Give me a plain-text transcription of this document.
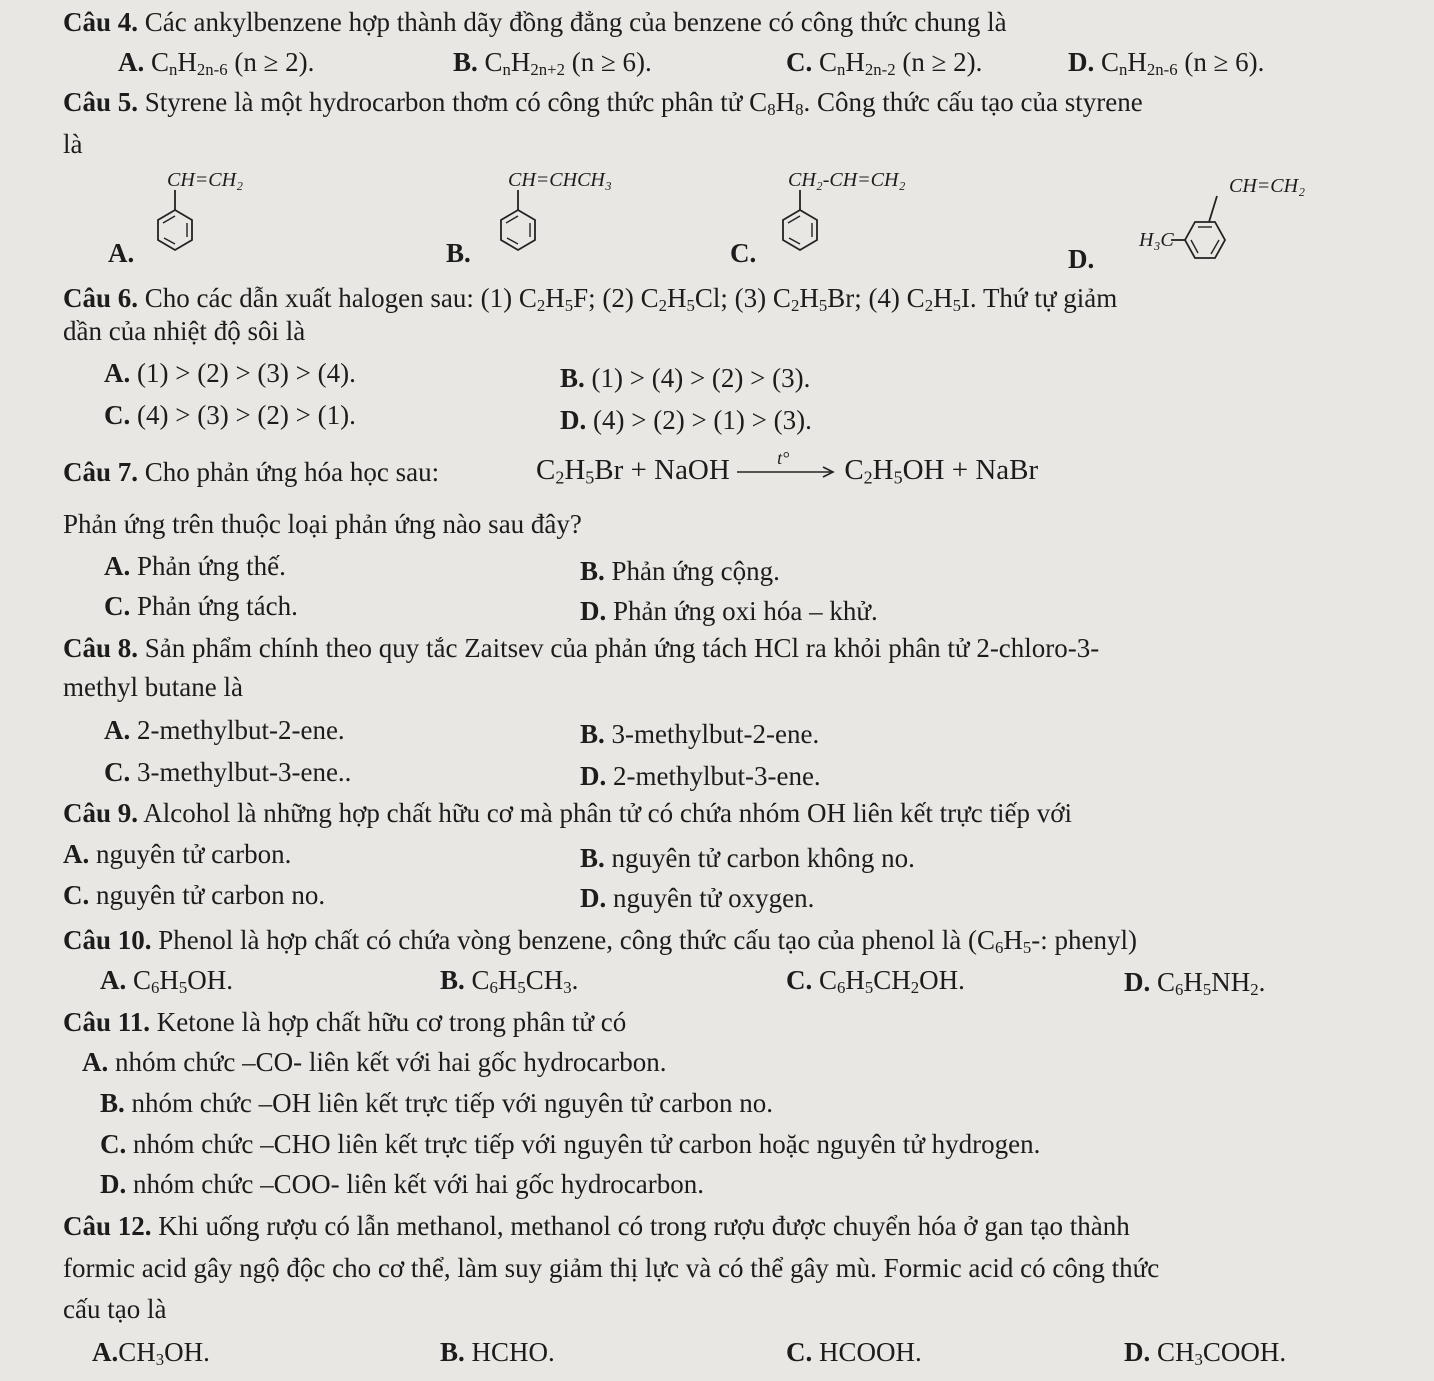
Câu 4. Các ankylbenzene hợp thành dãy đồng đẳng của benzene có công thức chung là
A. $C_nH_{2n-6}$ (n ≥ 2).	B. $C_nH_{2n+2}$ (n ≥ 6).	C. $C_nH_{2n-2}$ (n ≥ 2).	D. $C_nH_{2n-6}$ (n ≥ 6).
Câu 5. Styrene là một hydrocarbon thơm có công thức phân tử $C_8H_8$. Công thức cấu tạo của styrene
là
A.
CH=CH₂
B.
CH=CHCH₃
C.
CH₂-CH=CH₂
D.
CH=CH₂
H₃C
Câu 6. Cho các dẫn xuất halogen sau: (1) $C_2H_5F$; (2) $C_2H_5Cl$; (3) $C_2H_5Br$; (4) $C_2H_5I$. Thứ tự giảm
dần của nhiệt độ sôi là
A. (1) > (2) > (3) > (4).	B. (1) > (4) > (2) > (3).
C. (4) > (3) > (2) > (1).	D. (4) > (2) > (1) > (3).
Câu 7. Cho phản ứng hóa học sau:	$C_2H_5Br$ + NaOH	t° $C_2H_5OH$ + NaBr
Phản ứng trên thuộc loại phản ứng nào sau đây?
A. Phản ứng thế.	B. Phản ứng cộng.
C. Phản ứng tách.	D. Phản ứng oxi hóa – khử.
Câu 8. Sản phẩm chính theo quy tắc Zaitsev của phản ứng tách HCl ra khỏi phân tử 2-chloro-3-
methyl butane là
A. 2-methylbut-2-ene.	B. 3-methylbut-2-ene.
C. 3-methylbut-3-ene..	D. 2-methylbut-3-ene.
Câu 9. Alcohol là những hợp chất hữu cơ mà phân tử có chứa nhóm OH liên kết trực tiếp với
A. nguyên tử carbon.	B. nguyên tử carbon không no.
C. nguyên tử carbon no.	D. nguyên tử oxygen.
Câu 10. Phenol là hợp chất có chứa vòng benzene, công thức cấu tạo của phenol là ($C_6H_5-$: phenyl)
A. $C_6H_5OH$.	B. $C_6H_5CH_3$.	C. $C_6H_5CH_2OH$.	D. $C_6H_5NH_2$.
Câu 11. Ketone là hợp chất hữu cơ trong phân tử có
A. nhóm chức –CO- liên kết với hai gốc hydrocarbon.
B. nhóm chức –OH liên kết trực tiếp với nguyên tử carbon no.
C. nhóm chức –CHO liên kết trực tiếp với nguyên tử carbon hoặc nguyên tử hydrogen.
D. nhóm chức –COO- liên kết với hai gốc hydrocarbon.
Câu 12. Khi uống rượu có lẫn methanol, methanol có trong rượu được chuyển hóa ở gan tạo thành
formic acid gây ngộ độc cho cơ thể, làm suy giảm thị lực và có thể gây mù. Formic acid có công thức
cấu tạo là
$A.CH_3OH$.	B. HCHO.	C. HCOOH.	D. $CH_3COOH$.
